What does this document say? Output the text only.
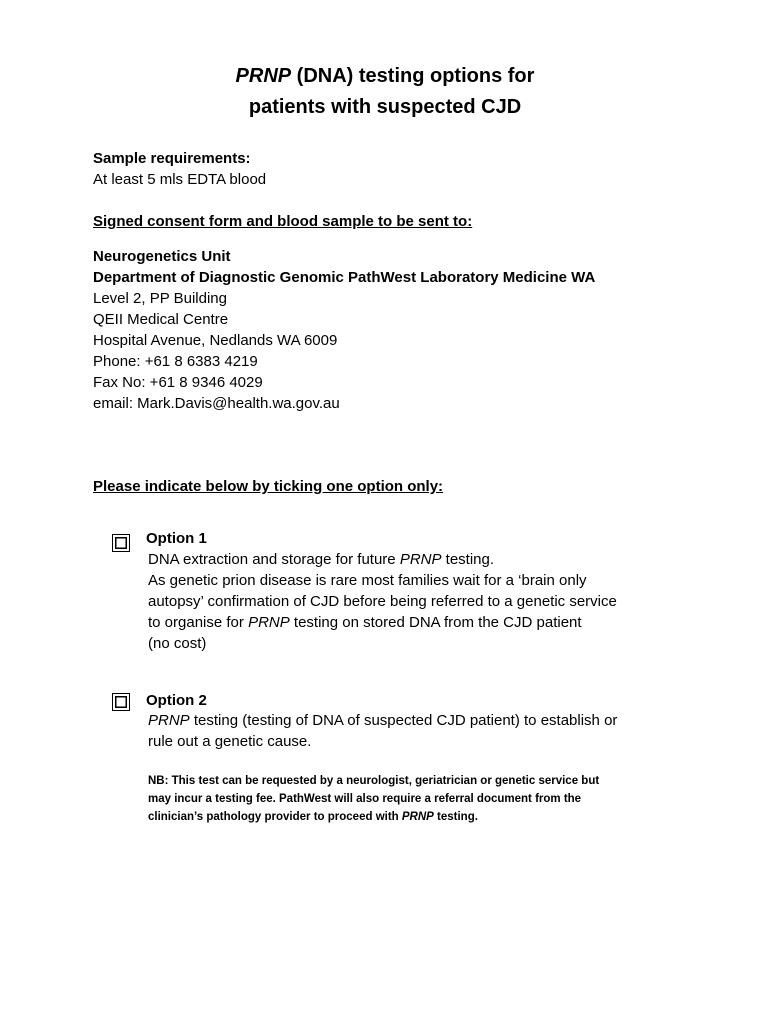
PRNP (DNA) testing options for
patients with suspected CJD
Sample requirements:
At least 5 mls EDTA blood
Signed consent form and blood sample to be sent to:
Neurogenetics Unit
Department of Diagnostic Genomic PathWest Laboratory Medicine WA
Level 2, PP Building
QEII Medical Centre
Hospital Avenue, Nedlands WA 6009
Phone: +61 8 6383 4219
Fax No: +61 8 9346 4029
email: Mark.Davis@health.wa.gov.au
Please indicate below by ticking one option only:
Option 1
DNA extraction and storage for future PRNP testing.
As genetic prion disease is rare most families wait for a ‘brain only
autopsy’ confirmation of CJD before being referred to a genetic service
to organise for PRNP testing on stored DNA from the CJD patient
(no cost)
Option 2
PRNP testing (testing of DNA of suspected CJD patient) to establish or
rule out a genetic cause.
NB: This test can be requested by a neurologist, geriatrician or genetic service but
may incur a testing fee. PathWest will also require a referral document from the
clinician’s pathology provider to proceed with PRNP testing.
